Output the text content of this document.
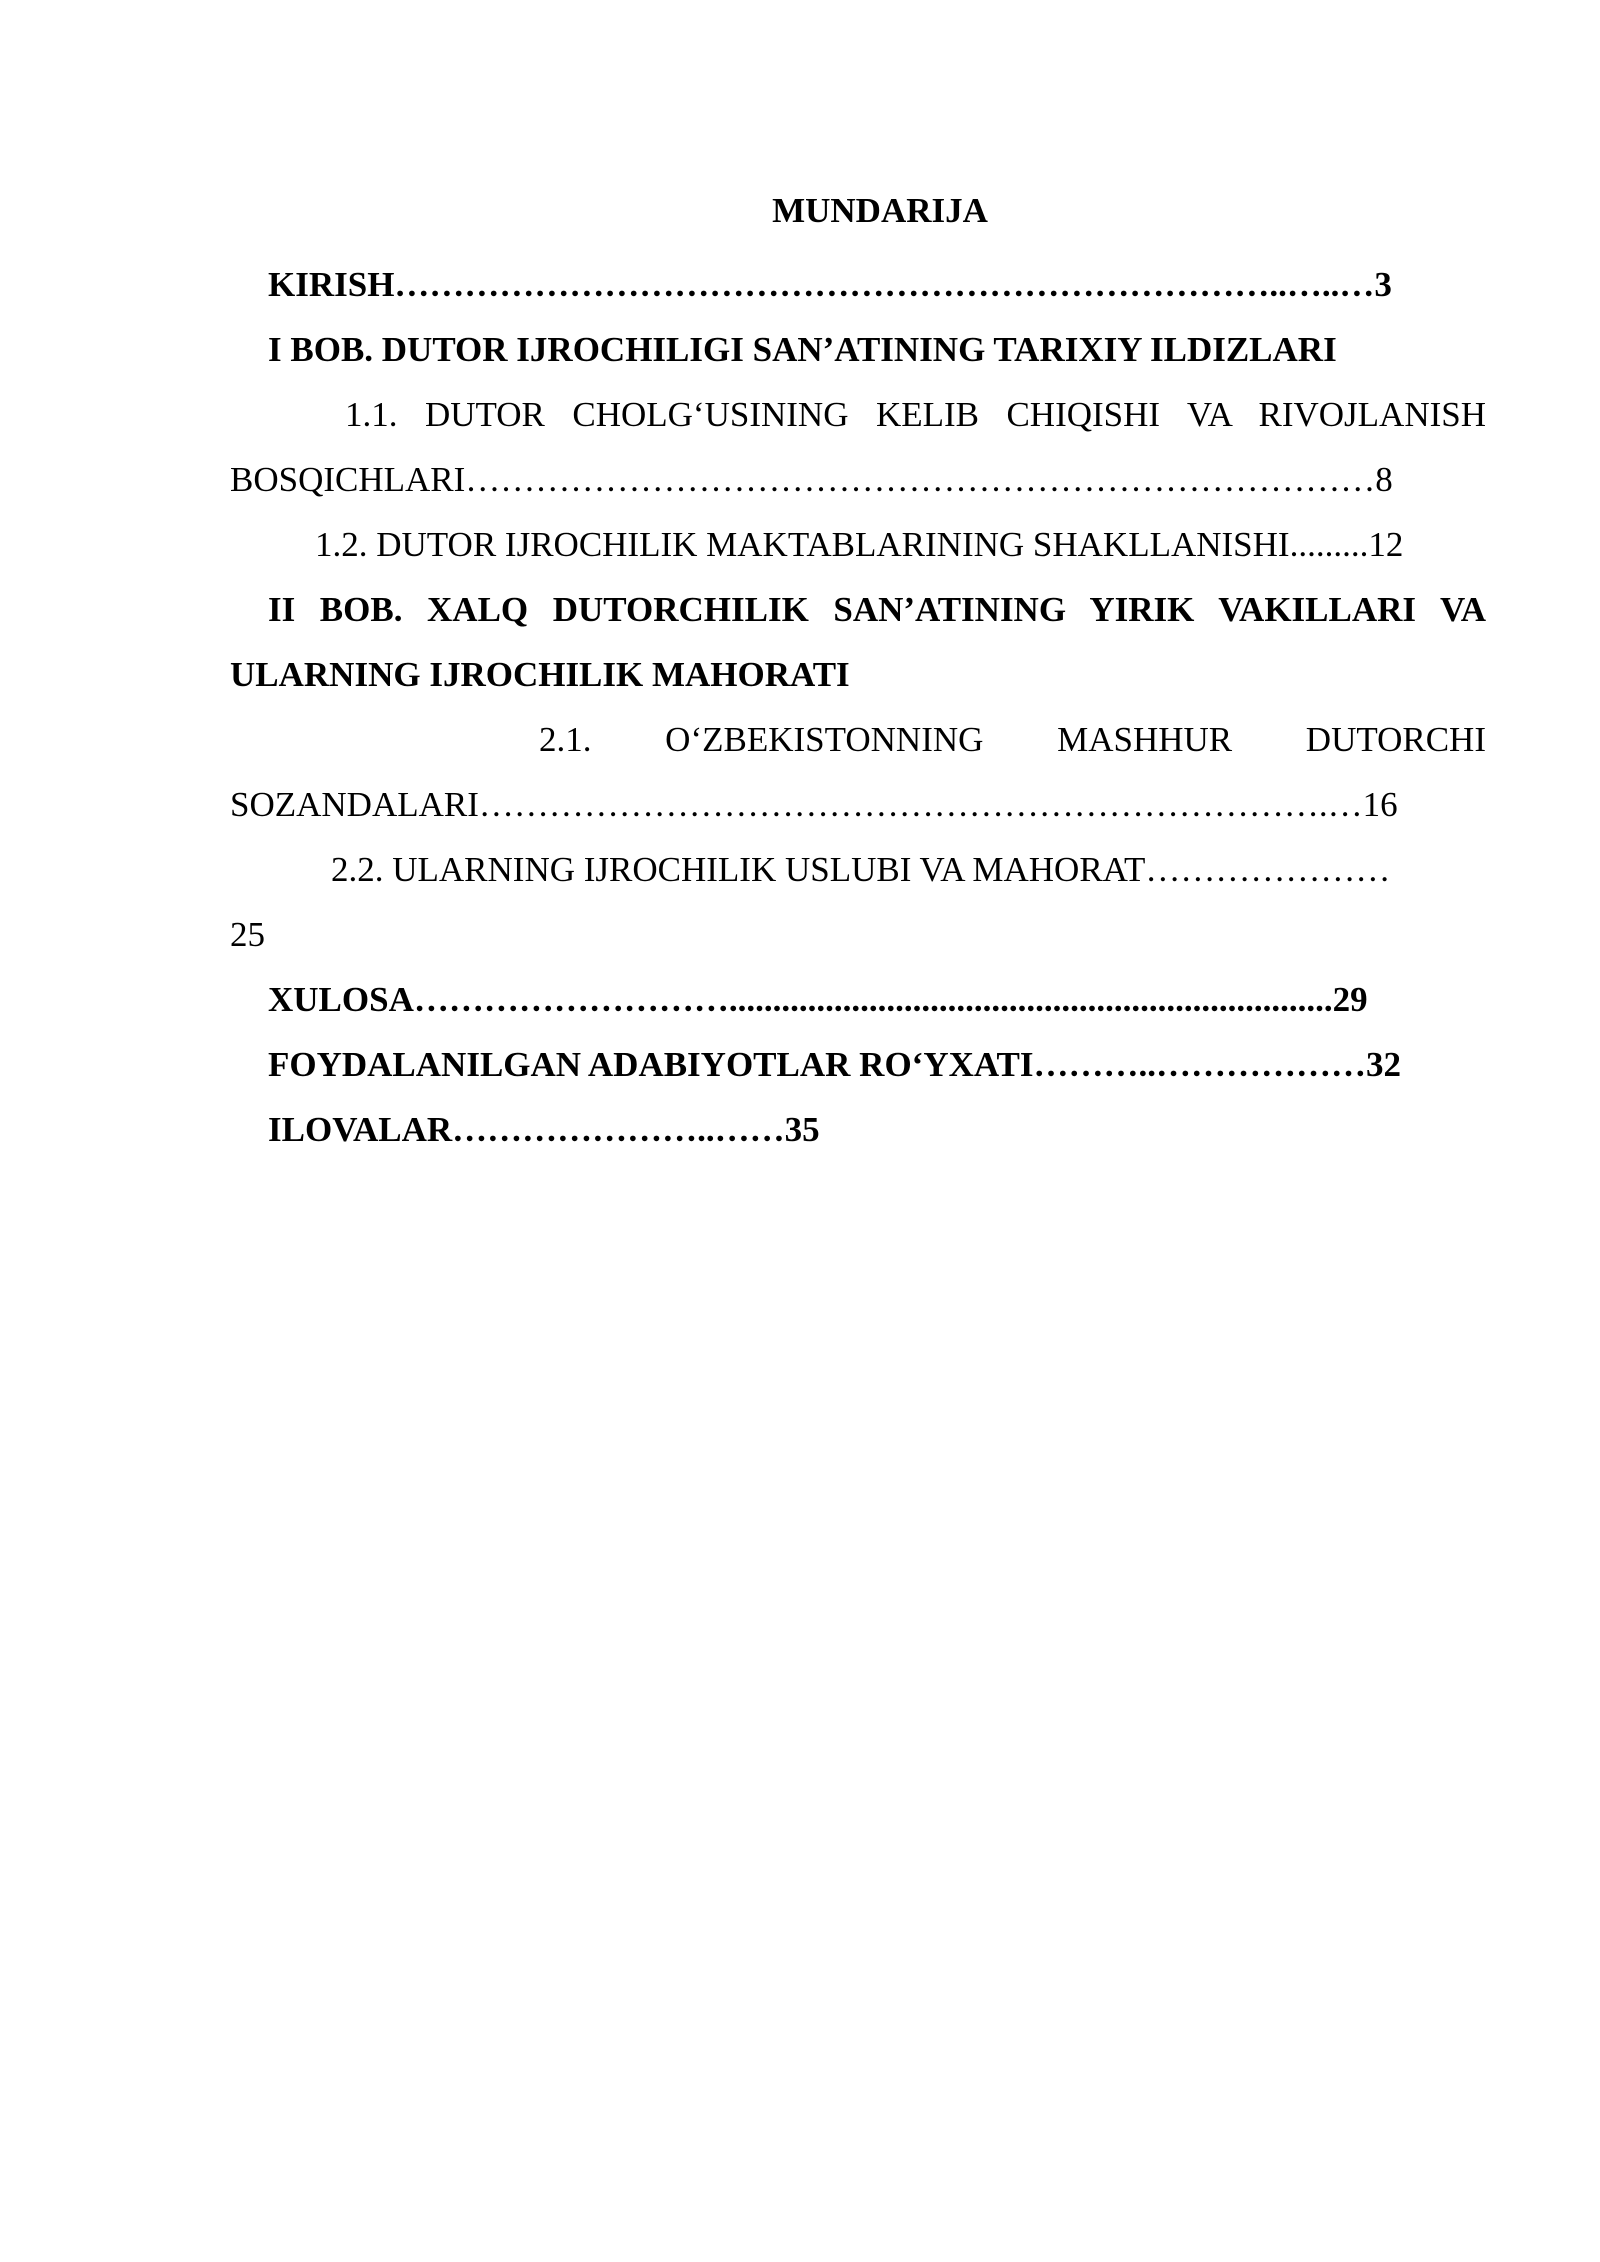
MUNDARIJA
KIRISH…………………………………………………………………..…..…3
I BOB. DUTOR IJROCHILIGI SAN’ATINING TARIXIY ILDIZLARI
1.1. DUTOR CHOLG‘USINING KELIB CHIQISHI VA RIVOJLANISH
BOSQICHLARI……………………………………………………………………8
1.2. DUTOR IJROCHILIK MAKTABLARINING SHAKLLANISHI.........12
II BOB. XALQ DUTORCHILIK SAN’ATINING YIRIK VAKILLARI VA
ULARNING IJROCHILIK MAHORATI
2.1. O‘ZBEKISTONNING MASHHUR DUTORCHI
SOZANDALARI……………………………………………………………….…16
2.2. ULARNING IJROCHILIK USLUBI VA MAHORAT…………………
25
XULOSA……………………….....................................................................29
FOYDALANILGAN ADABIYOTLAR RO‘YXATI………..………………32
ILOVALAR…………………..……35
